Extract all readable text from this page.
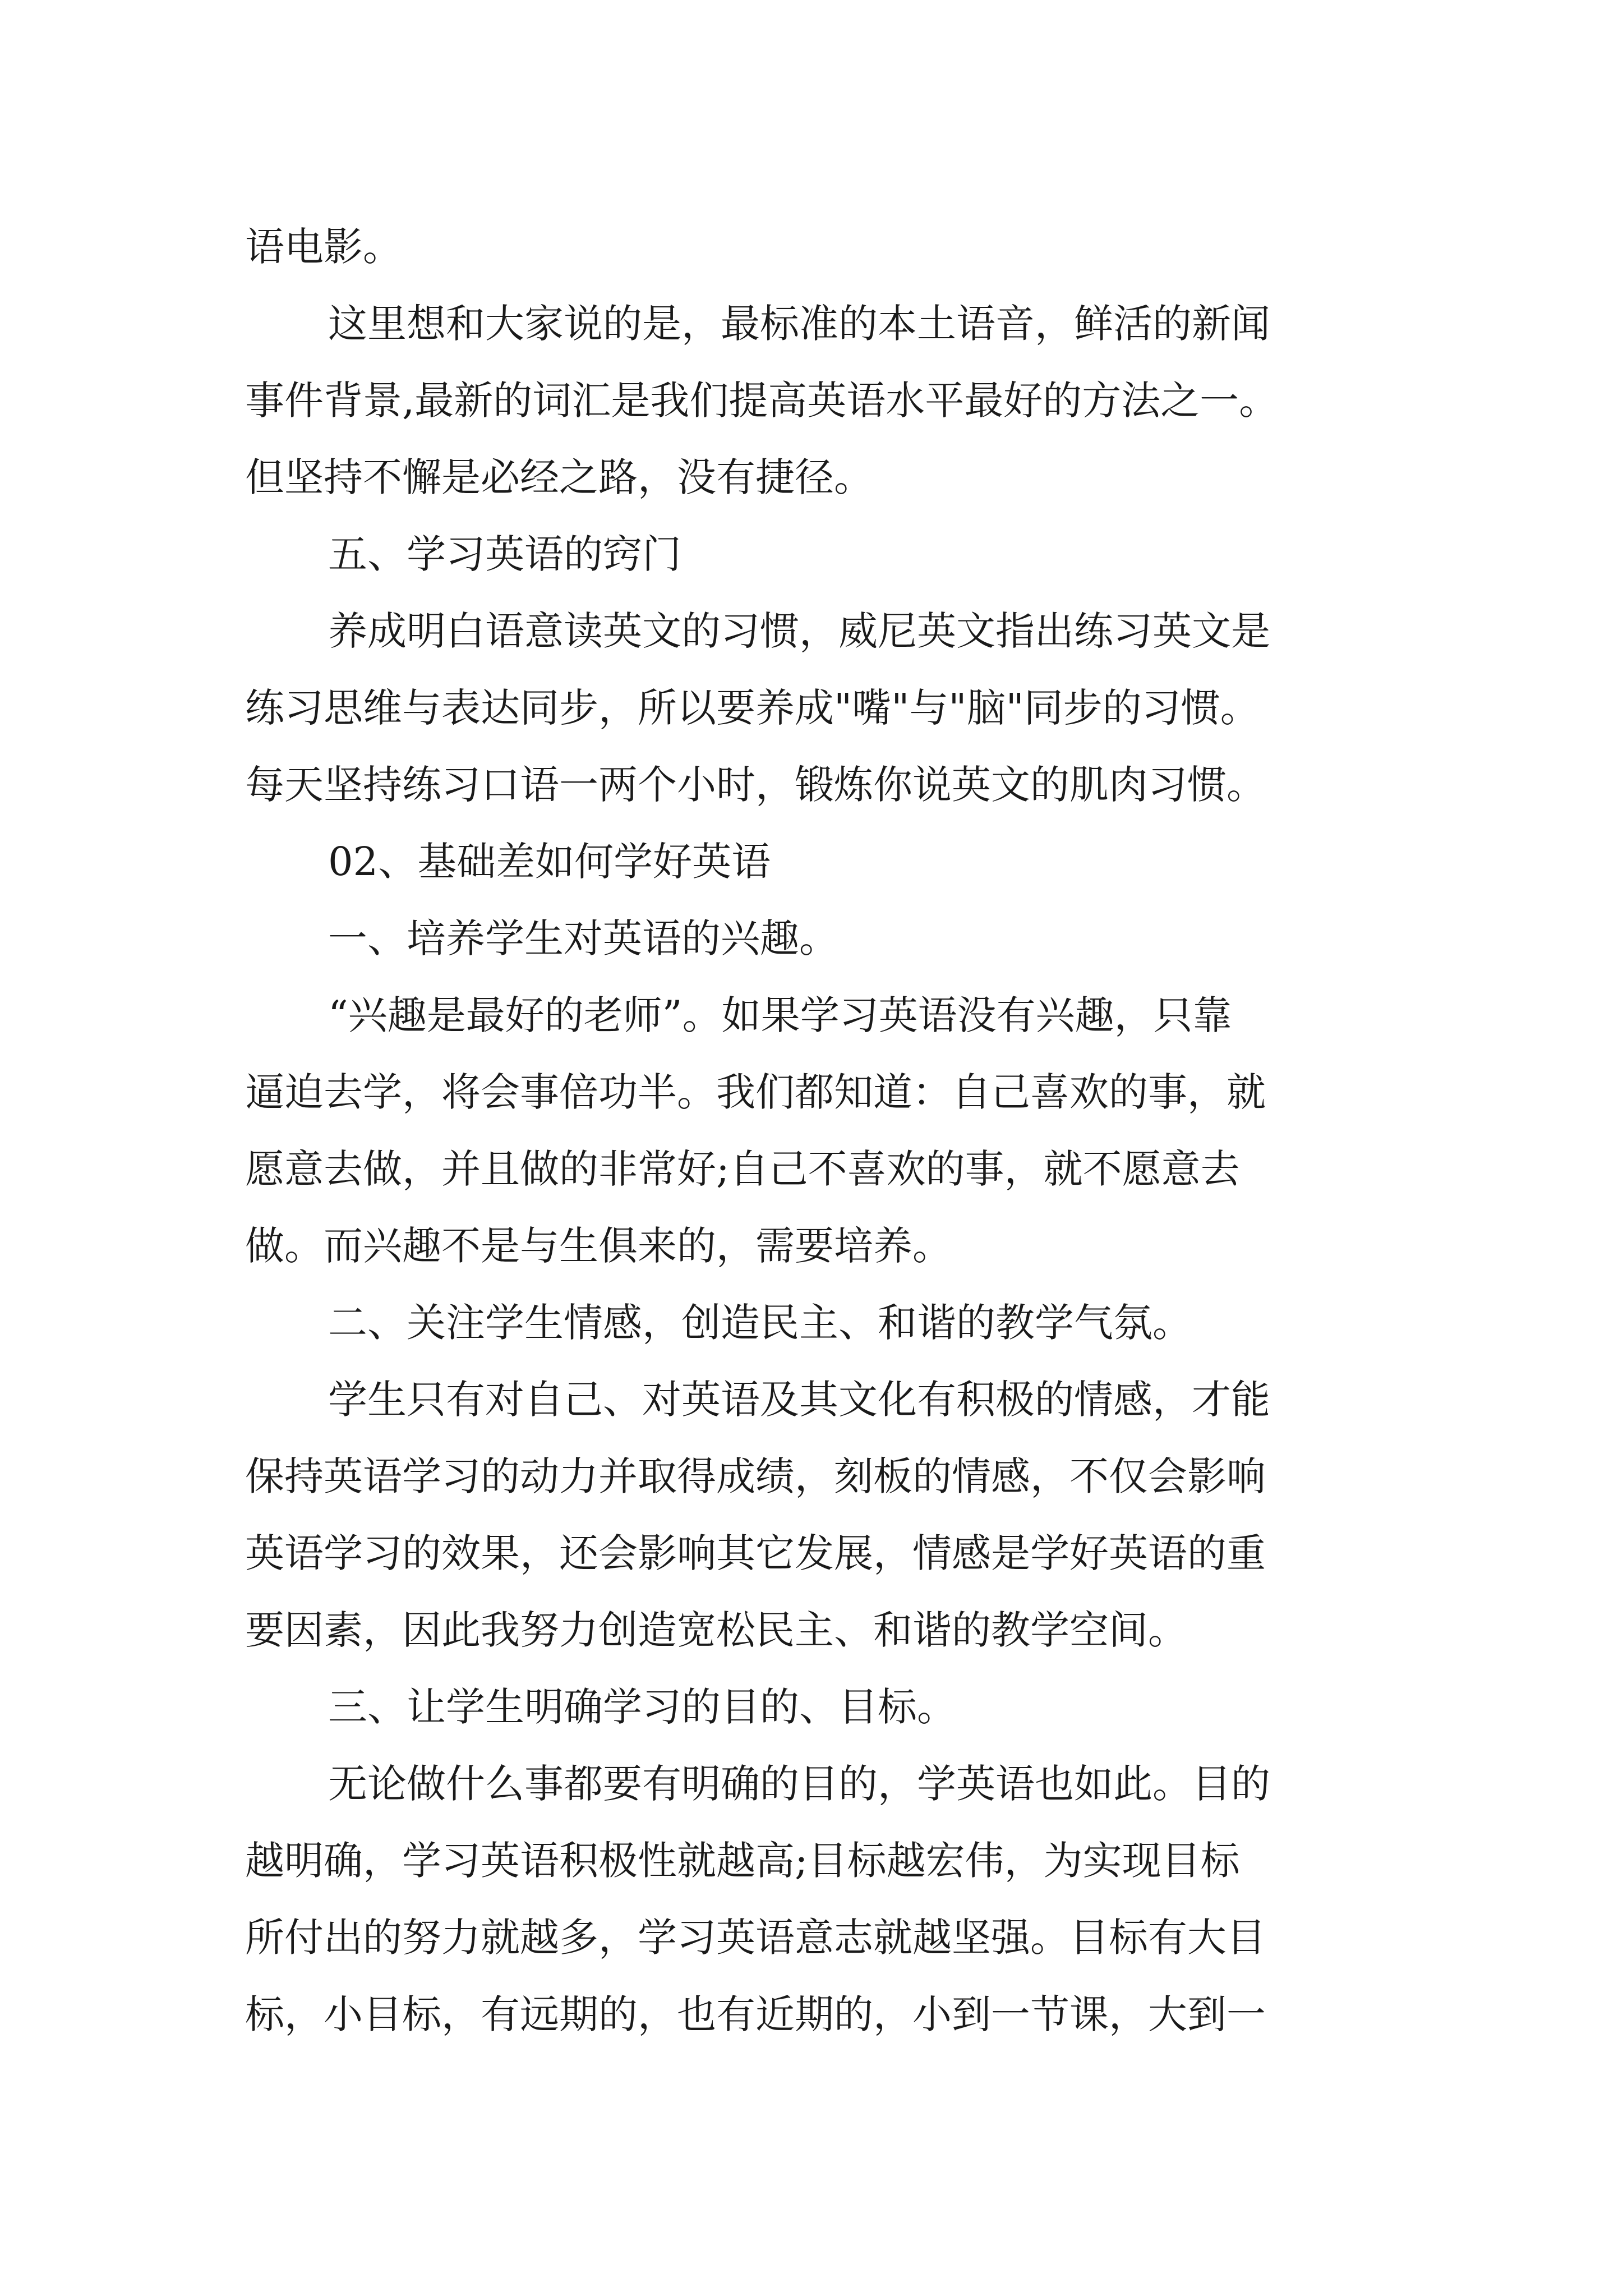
语电影。
这里想和大家说的是，最标准的本土语音，鲜活的新闻
事件背景,最新的词汇是我们提高英语水平最好的方法之一。
但坚持不懈是必经之路，没有捷径。
五、学习英语的窍门
养成明白语意读英文的习惯，威尼英文指出练习英文是
练习思维与表达同步，所以要养成"嘴"与"脑"同步的习惯。
每天坚持练习口语一两个小时，锻炼你说英文的肌肉习惯。
02、基础差如何学好英语
一、培养学生对英语的兴趣。
“兴趣是最好的老师”。如果学习英语没有兴趣，只靠
逼迫去学，将会事倍功半。我们都知道：自己喜欢的事，就
愿意去做，并且做的非常好;自己不喜欢的事，就不愿意去
做。而兴趣不是与生俱来的，需要培养。
二、关注学生情感，创造民主、和谐的教学气氛。
学生只有对自己、对英语及其文化有积极的情感，才能
保持英语学习的动力并取得成绩，刻板的情感，不仅会影响
英语学习的效果，还会影响其它发展，情感是学好英语的重
要因素，因此我努力创造宽松民主、和谐的教学空间。
三、让学生明确学习的目的、目标。
无论做什么事都要有明确的目的，学英语也如此。目的
越明确，学习英语积极性就越高;目标越宏伟，为实现目标
所付出的努力就越多，学习英语意志就越坚强。目标有大目
标，小目标，有远期的，也有近期的，小到一节课，大到一
